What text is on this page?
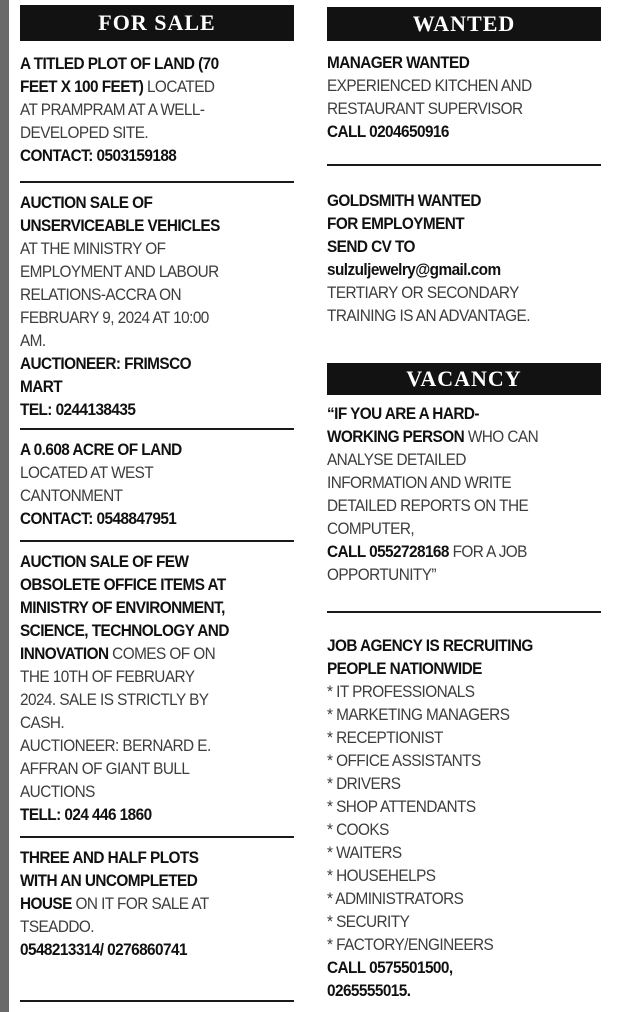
FOR SALE
A TITLED PLOT OF LAND (70
FEET X 100 FEET) LOCATED
AT PRAMPRAM AT A WELL-
DEVELOPED SITE.
CONTACT: 0503159188
AUCTION SALE OF
UNSERVICEABLE VEHICLES
AT THE MINISTRY OF
EMPLOYMENT AND LABOUR
RELATIONS-ACCRA ON
FEBRUARY 9, 2024 AT 10:00
AM.
AUCTIONEER: FRIMSCO
MART
TEL: 0244138435
A 0.608 ACRE OF LAND
LOCATED AT WEST
CANTONMENT
CONTACT: 0548847951
AUCTION SALE OF FEW
OBSOLETE OFFICE ITEMS AT
MINISTRY OF ENVIRONMENT,
SCIENCE, TECHNOLOGY AND
INNOVATION COMES OF ON
THE 10TH OF FEBRUARY
2024. SALE IS STRICTLY BY
CASH.
AUCTIONEER: BERNARD E.
AFFRAN OF GIANT BULL
AUCTIONS
TELL: 024 446 1860
THREE AND HALF PLOTS
WITH AN UNCOMPLETED
HOUSE ON IT FOR SALE AT
TSEADDO.
0548213314/ 0276860741
WANTED
MANAGER WANTED
EXPERIENCED KITCHEN AND
RESTAURANT SUPERVISOR
CALL 0204650916
GOLDSMITH WANTED
FOR EMPLOYMENT
SEND CV TO
sulzuljewelry@gmail.com
TERTIARY OR SECONDARY
TRAINING IS AN ADVANTAGE.
VACANCY
“IF YOU ARE A HARD-
WORKING PERSON WHO CAN
ANALYSE DETAILED
INFORMATION AND WRITE
DETAILED REPORTS ON THE
COMPUTER,
CALL 0552728168 FOR A JOB
OPPORTUNITY”
JOB AGENCY IS RECRUITING
PEOPLE NATIONWIDE
* IT PROFESSIONALS
* MARKETING MANAGERS
* RECEPTIONIST
* OFFICE ASSISTANTS
* DRIVERS
* SHOP ATTENDANTS
* COOKS
* WAITERS
* HOUSEHELPS
* ADMINISTRATORS
* SECURITY
* FACTORY/ENGINEERS
CALL 0575501500,
0265555015.
